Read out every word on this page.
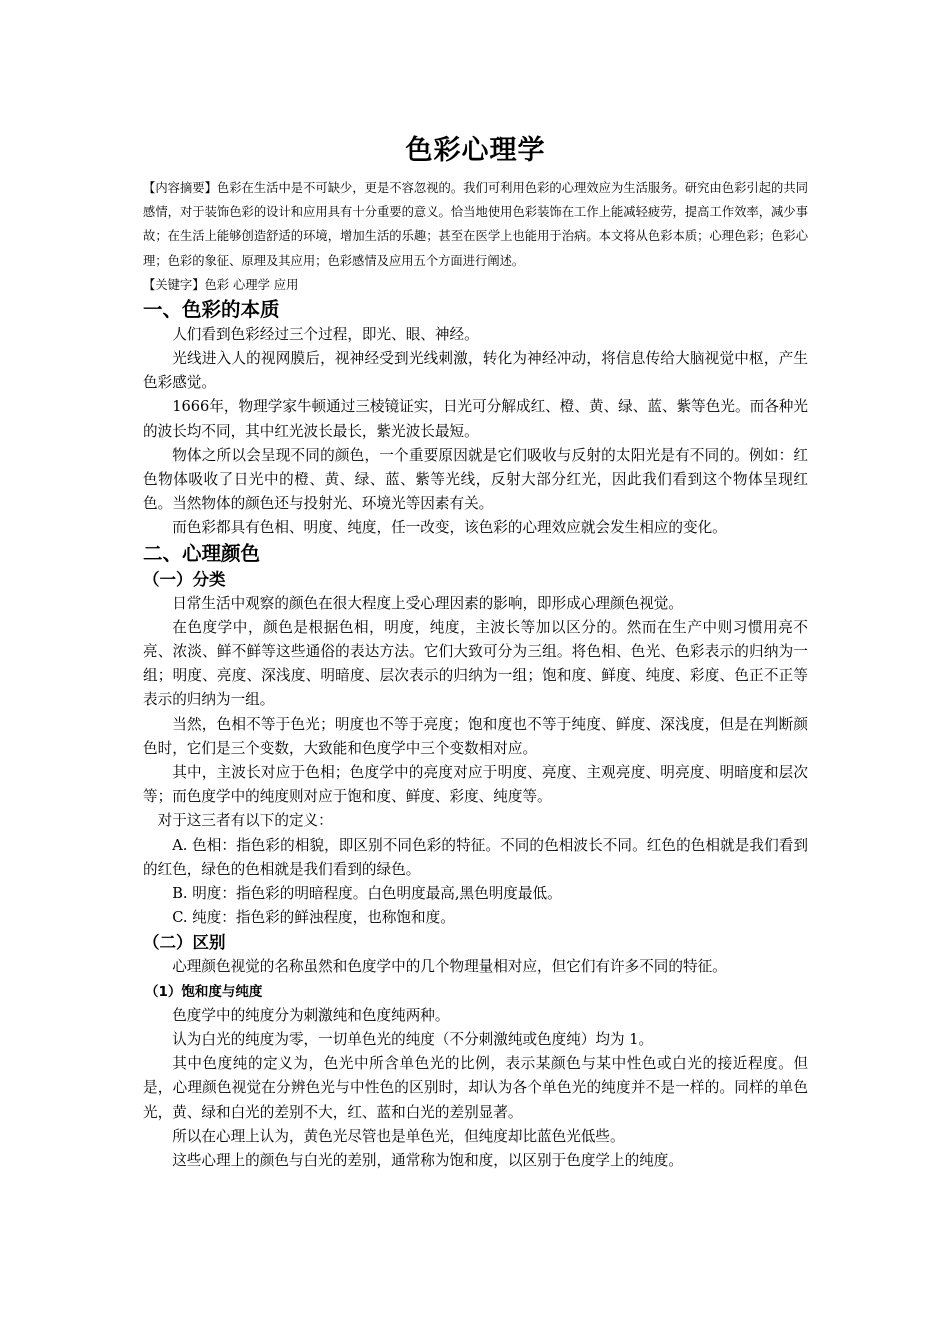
色彩心理学

【内容摘要】色彩在生活中是不可缺少，更是不容忽视的。我们可利用色彩的心理效应为生活服务。研究由色彩引起的共同感情，对于装饰色彩的设计和应用具有十分重要的意义。恰当地使用色彩装饰在工作上能减轻疲劳，提高工作效率，减少事故；在生活上能够创造舒适的环境，增加生活的乐趣；甚至在医学上也能用于治病。本文将从色彩本质；心理色彩；色彩心理；色彩的象征、原理及其应用；色彩感情及应用五个方面进行阐述。

【关键字】色彩 心理学 应用

一、色彩的本质

人们看到色彩经过三个过程，即光、眼、神经。

光线进入人的视网膜后，视神经受到光线刺激，转化为神经冲动，将信息传给大脑视觉中枢，产生色彩感觉。

1666年，物理学家牛顿通过三棱镜证实，日光可分解成红、橙、黄、绿、蓝、紫等色光。而各种光的波长均不同，其中红光波长最长，紫光波长最短。

物体之所以会呈现不同的颜色，一个重要原因就是它们吸收与反射的太阳光是有不同的。例如：红色物体吸收了日光中的橙、黄、绿、蓝、紫等光线，反射大部分红光，因此我们看到这个物体呈现红色。当然物体的颜色还与投射光、环境光等因素有关。

而色彩都具有色相、明度、纯度，任一改变，该色彩的心理效应就会发生相应的变化。

二、心理颜色
（一）分类

日常生活中观察的颜色在很大程度上受心理因素的影响，即形成心理颜色视觉。

在色度学中，颜色是根据色相，明度，纯度，主波长等加以区分的。然而在生产中则习惯用亮不亮、浓淡、鲜不鲜等这些通俗的表达方法。它们大致可分为三组。将色相、色光、色彩表示的归纳为一组；明度、亮度、深浅度、明暗度、层次表示的归纳为一组；饱和度、鲜度、纯度、彩度、色正不正等表示的归纳为一组。

当然，色相不等于色光；明度也不等于亮度；饱和度也不等于纯度、鲜度、深浅度，但是在判断颜色时，它们是三个变数，大致能和色度学中三个变数相对应。

其中，主波长对应于色相；色度学中的亮度对应于明度、亮度、主观亮度、明亮度、明暗度和层次等；而色度学中的纯度则对应于饱和度、鲜度、彩度、纯度等。

对于这三者有以下的定义：

A. 色相：指色彩的相貌，即区别不同色彩的特征。不同的色相波长不同。红色的色相就是我们看到的红色，绿色的色相就是我们看到的绿色。

B. 明度：指色彩的明暗程度。白色明度最高,黑色明度最低。

C. 纯度：指色彩的鲜浊程度，也称饱和度。

（二）区别

心理颜色视觉的名称虽然和色度学中的几个物理量相对应，但它们有许多不同的特征。

（1）饱和度与纯度

色度学中的纯度分为刺激纯和色度纯两种。

认为白光的纯度为零，一切单色光的纯度（不分刺激纯或色度纯）均为 1。

其中色度纯的定义为，色光中所含单色光的比例，表示某颜色与某中性色或白光的接近程度。但是，心理颜色视觉在分辨色光与中性色的区别时，却认为各个单色光的纯度并不是一样的。同样的单色光，黄、绿和白光的差别不大，红、蓝和白光的差别显著。

所以在心理上认为，黄色光尽管也是单色光，但纯度却比蓝色光低些。

这些心理上的颜色与白光的差别，通常称为饱和度，以区别于色度学上的纯度。
